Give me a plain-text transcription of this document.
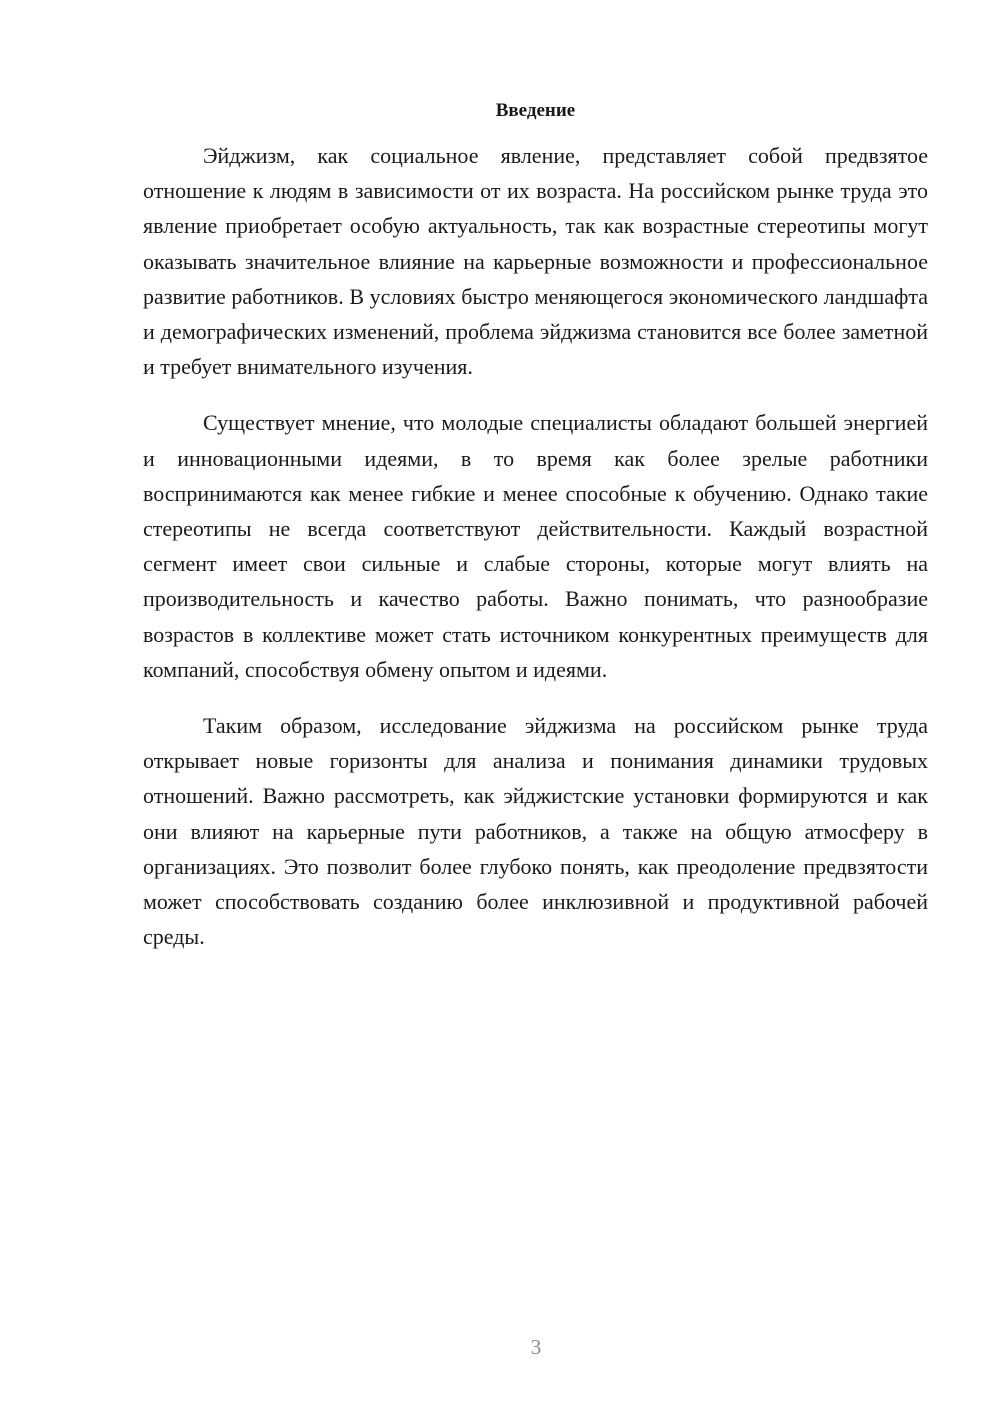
Введение

Эйджизм, как социальное явление, представляет собой предвзятое отношение к людям в зависимости от их возраста. На российском рынке труда это явление приобретает особую актуальность, так как возрастные стереотипы могут оказывать значительное влияние на карьерные возможности и профессиональное развитие работников. В условиях быстро меняющегося экономического ландшафта и демографических изменений, проблема эйджизма становится все более заметной и требует внимательного изучения.

Существует мнение, что молодые специалисты обладают большей энергией и инновационными идеями, в то время как более зрелые работники воспринимаются как менее гибкие и менее способные к обучению. Однако такие стереотипы не всегда соответствуют действительности. Каждый возрастной сегмент имеет свои сильные и слабые стороны, которые могут влиять на производительность и качество работы. Важно понимать, что разнообразие возрастов в коллективе может стать источником конкурентных преимуществ для компаний, способствуя обмену опытом и идеями.

Таким образом, исследование эйджизма на российском рынке труда открывает новые горизонты для анализа и понимания динамики трудовых отношений. Важно рассмотреть, как эйджистские установки формируются и как они влияют на карьерные пути работников, а также на общую атмосферу в организациях. Это позволит более глубоко понять, как преодоление предвзятости может способствовать созданию более инклюзивной и продуктивной рабочей среды.

3
